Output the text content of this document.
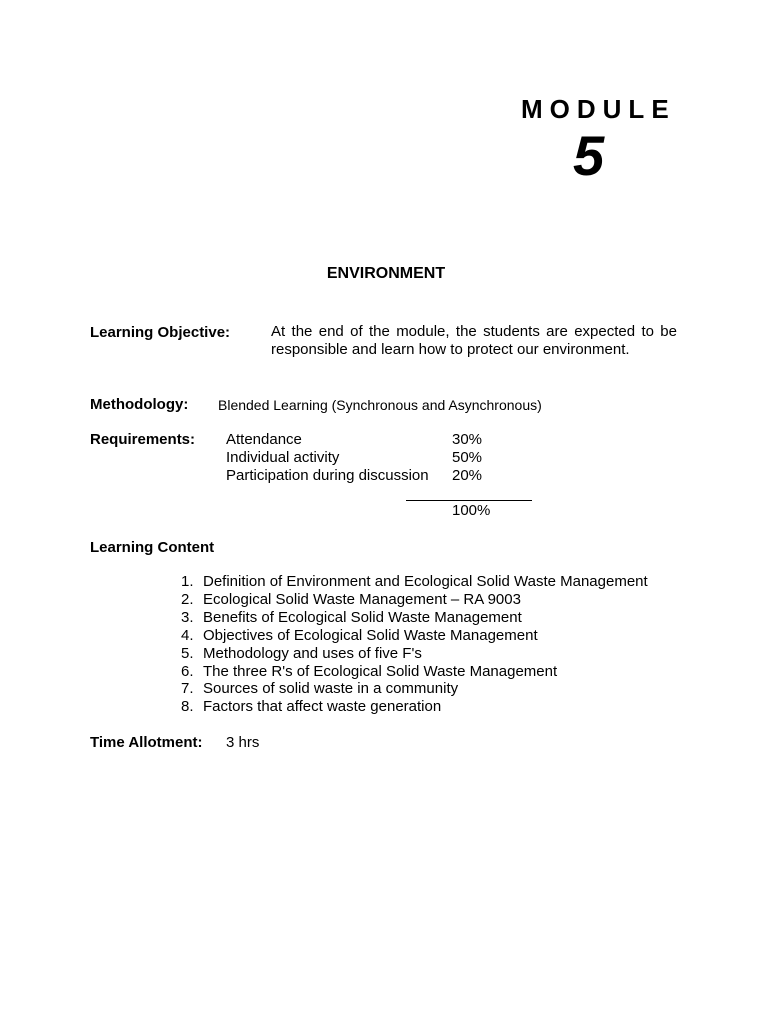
MODULE
5
ENVIRONMENT
Learning Objective:	At the end of the module, the students are expected to be responsible and learn how to protect our environment.
Methodology: Blended Learning (Synchronous and Asynchronous)
Requirements: Attendance	30%
Individual activity	50%
Participation during discussion 20%
100%
Learning Content
1. Definition of Environment and Ecological Solid Waste Management
2. Ecological Solid Waste Management – RA 9003
3. Benefits of Ecological Solid Waste Management
4. Objectives of Ecological Solid Waste Management
5. Methodology and uses of five F's
6. The three R's of Ecological Solid Waste Management
7. Sources of solid waste in a community
8. Factors that affect waste generation
Time Allotment: 3 hrs
